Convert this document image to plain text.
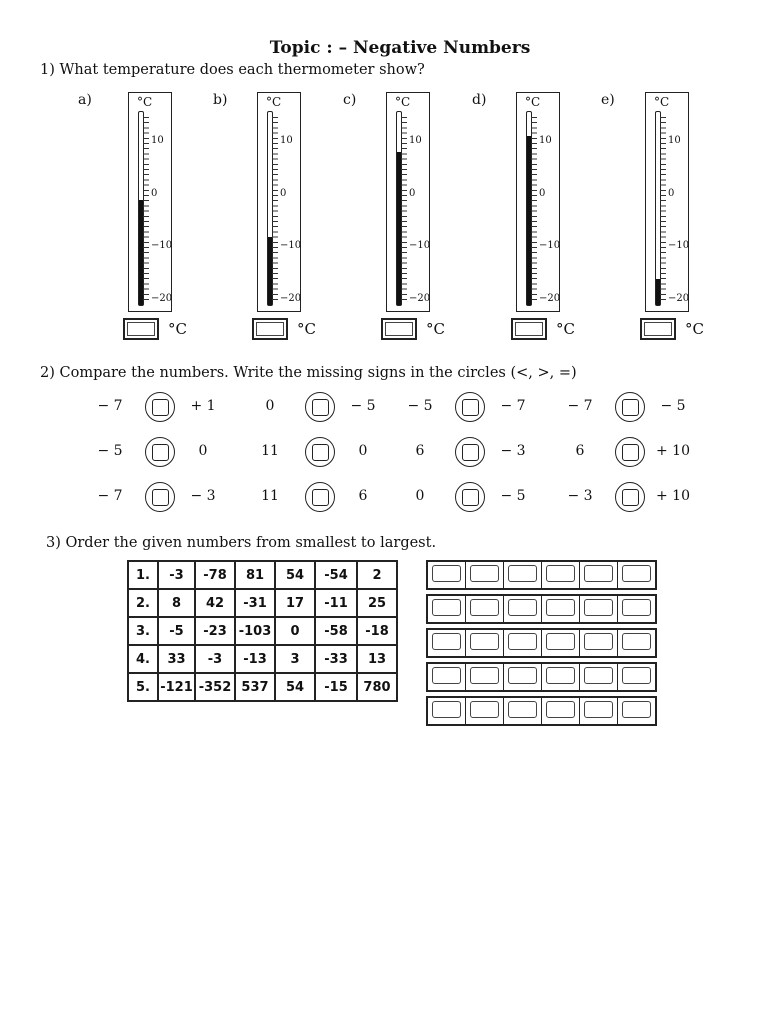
Topic : – Negative Numbers
1) What temperature does each thermometer show?
a)	°C
10
0
−10
−20
°C
b)	°C
10
0
−10
−20
°C
c)	°C
10
0
−10
−20
°C
d)	°C
10
0
−10
−20
°C
e)	°C
10
0
−10
−20
°C
2) Compare the numbers. Write the missing signs in the circles (<, >, =)
− 7	+ 1	0	− 5	− 5	− 7	− 7	− 5
− 5	0	11	0	6	− 3	6	+ 10
− 7	− 3	11	6	0	− 5	− 3	+ 10
3) Order the given numbers from smallest to largest.
1.	-3	-78	81	54	-54	2
2.	8	42	-31	17	-11	25
3.	-5	-23	-103	0	-58	-18
4.	33	-3	-13	3	-33	13
5.	-121	-352	537	54	-15	780
